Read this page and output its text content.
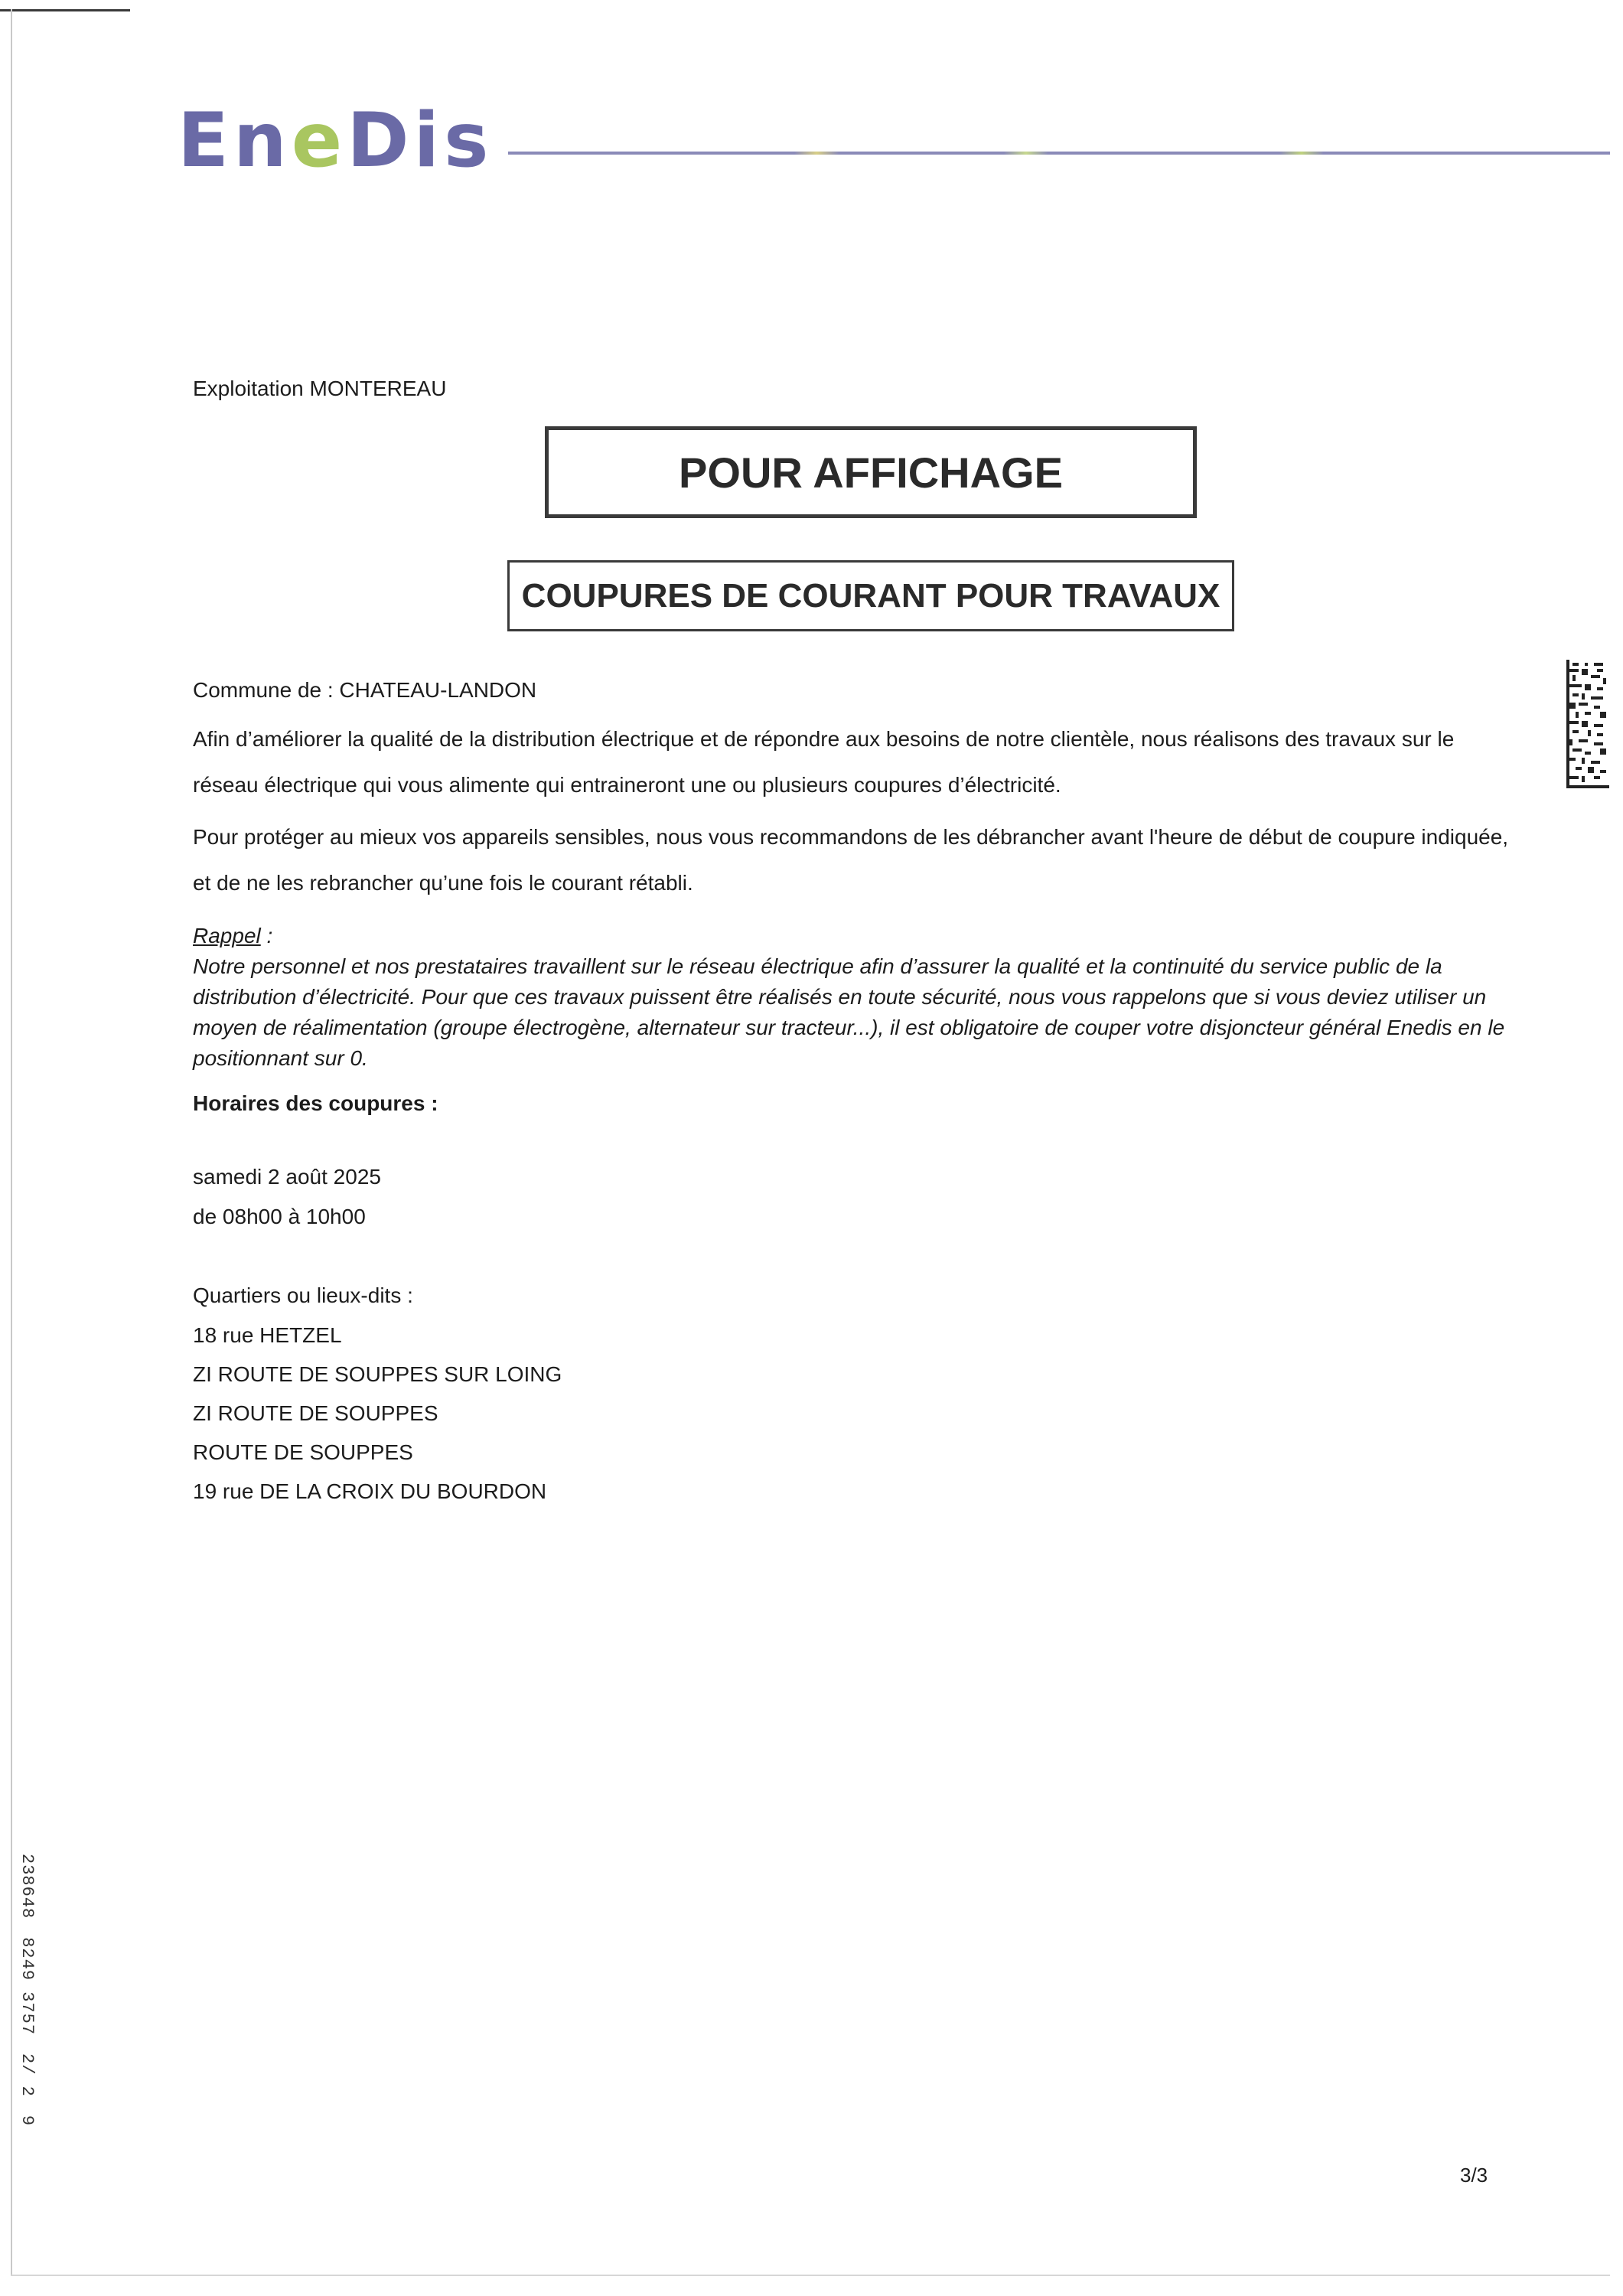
EneDis
Exploitation MONTEREAU
POUR AFFICHAGE
COUPURES DE COURANT POUR TRAVAUX
Commune de : CHATEAU-LANDON
Afin d’améliorer la qualité de la distribution électrique et de répondre aux besoins de notre clientèle, nous réalisons des travaux sur le réseau électrique qui vous alimente qui entraineront une ou plusieurs coupures d’électricité.
Pour protéger au mieux vos appareils sensibles, nous vous recommandons de les débrancher avant l'heure de début de coupure indiquée, et de ne les rebrancher qu’une fois le courant rétabli.
Rappel :
Notre personnel et nos prestataires travaillent sur le réseau électrique afin d’assurer la qualité et la continuité du service public de la distribution d’électricité. Pour que ces travaux puissent être réalisés en toute sécurité, nous vous rappelons que si vous deviez utiliser un moyen de réalimentation (groupe électrogène, alternateur sur tracteur...), il est obligatoire de couper votre disjoncteur général Enedis en le positionnant sur 0.
Horaires des coupures :
samedi 2 août 2025
de 08h00 à 10h00
Quartiers ou lieux-dits :
18 rue HETZEL
ZI ROUTE DE SOUPPES SUR LOING
ZI ROUTE DE SOUPPES
ROUTE DE SOUPPES
19 rue DE LA CROIX DU BOURDON
2386488249 37572/ 29
3/3
